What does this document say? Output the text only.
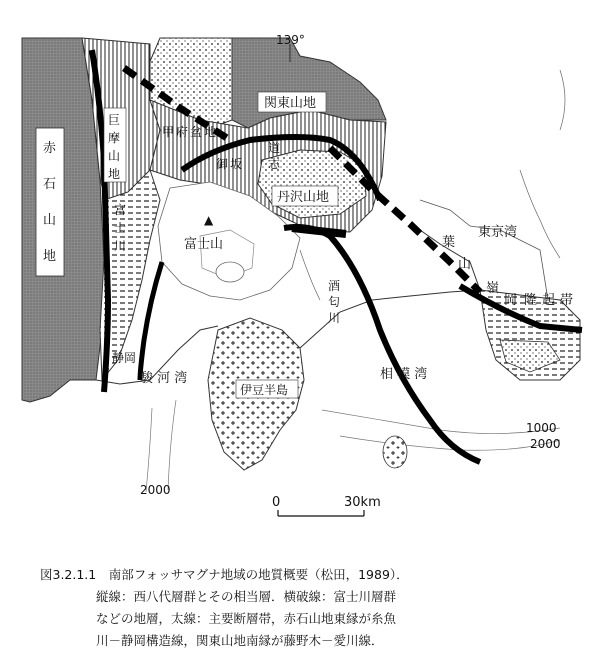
139°
赤
石
山
地
巨
摩
山
地
関東山地
丹沢山地
富士山
▲
伊豆半島
東京湾
相 模 湾
駿 河 湾
葉
山
嶺
岡 隆 起 帯
酒
匂
川
甲 府 盆 地
富
士
川
静 岡
御 坂
道
志
1000
2000
2000
0	30km
図3.2.1.1　南部フォッサマグナ地域の地質概要（松田，1989）．
縦線：西八代層群とその相当層．横破線：富士川層群
などの地層，太線：主要断層帯，赤石山地東縁が糸魚
川－静岡構造線，関東山地南縁が藤野木－愛川線．
